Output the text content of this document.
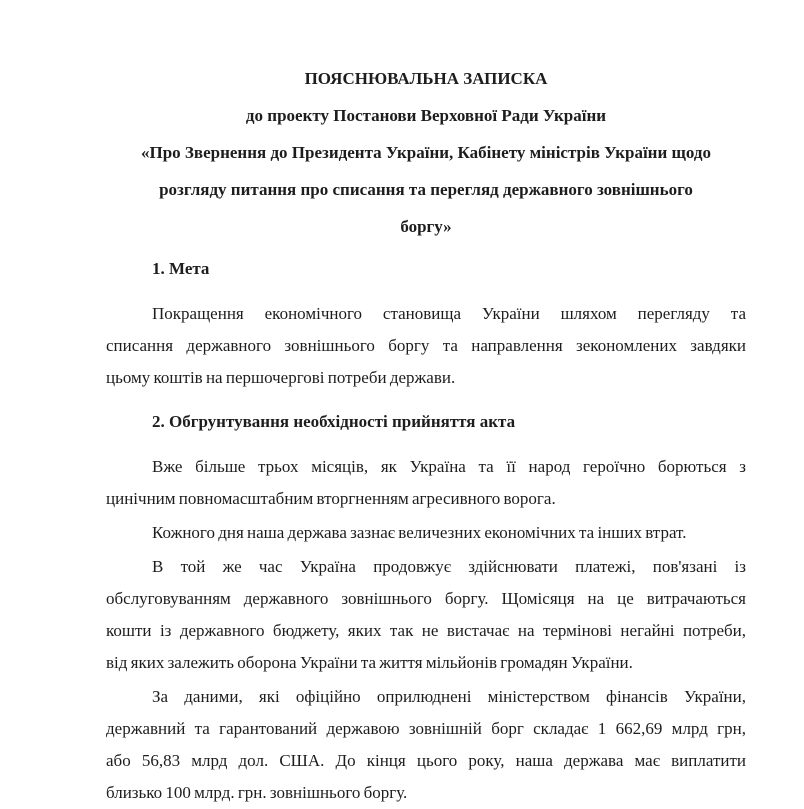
ПОЯСНЮВАЛЬНА ЗАПИСКА
до проекту Постанови Верховної Ради України
«Про Звернення до Президента України, Кабінету міністрів України щодо
розгляду питання про списання та перегляд державного зовнішнього
боргу»
1. Мета
Покращення економічного становища України шляхом перегляду та
списання державного зовнішнього боргу та направлення зекономлених завдяки
цьому коштів на першочергові потреби держави.
2. Обгрунтування необхідності прийняття акта
Вже більше трьох місяців, як Україна та її народ героїчно борються з
цинічним повномасштабним вторгненням агресивного ворога.
Кожного дня наша держава зазнає величезних економічних та інших втрат.
В той же час Україна продовжує здійснювати платежі, пов'язані із
обслуговуванням державного зовнішнього боргу. Щомісяця на це витрачаються
кошти із державного бюджету, яких так не вистачає на термінові негайні потреби,
від яких залежить оборона України та життя мільйонів громадян України.
За даними, які офіційно оприлюднені міністерством фінансів України,
державний та гарантований державою зовнішній борг складає 1 662,69 млрд грн,
або 56,83 млрд дол. США. До кінця цього року, наша держава має виплатити
близько 100 млрд. грн. зовнішнього боргу.
